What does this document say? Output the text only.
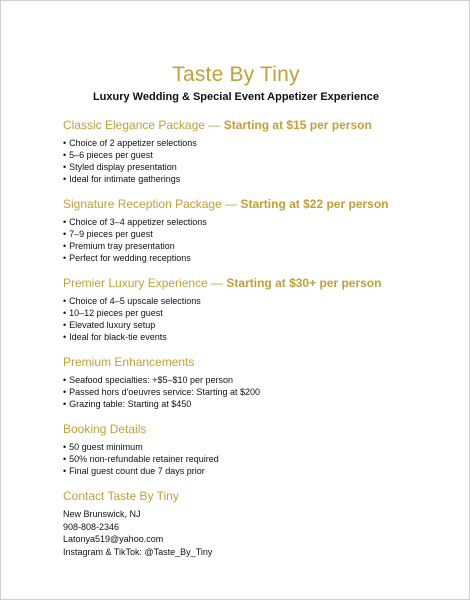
Taste By Tiny
Luxury Wedding & Special Event Appetizer Experience
Classic Elegance Package — Starting at $15 per person
• Choice of 2 appetizer selections
• 5–6 pieces per guest
• Styled display presentation
• Ideal for intimate gatherings
Signature Reception Package — Starting at $22 per person
• Choice of 3–4 appetizer selections
• 7–9 pieces per guest
• Premium tray presentation
• Perfect for wedding receptions
Premier Luxury Experience — Starting at $30+ per person
• Choice of 4–5 upscale selections
• 10–12 pieces per guest
• Elevated luxury setup
• Ideal for black-tie events
Premium Enhancements
• Seafood specialties: +$5–$10 per person
• Passed hors d'oeuvres service: Starting at $200
• Grazing table: Starting at $450
Booking Details
• 50 guest minimum
• 50% non-refundable retainer required
• Final guest count due 7 days prior
Contact Taste By Tiny
New Brunswick, NJ
908-808-2346
Latonya519@yahoo.com
Instagram & TikTok: @Taste_By_Tiny
